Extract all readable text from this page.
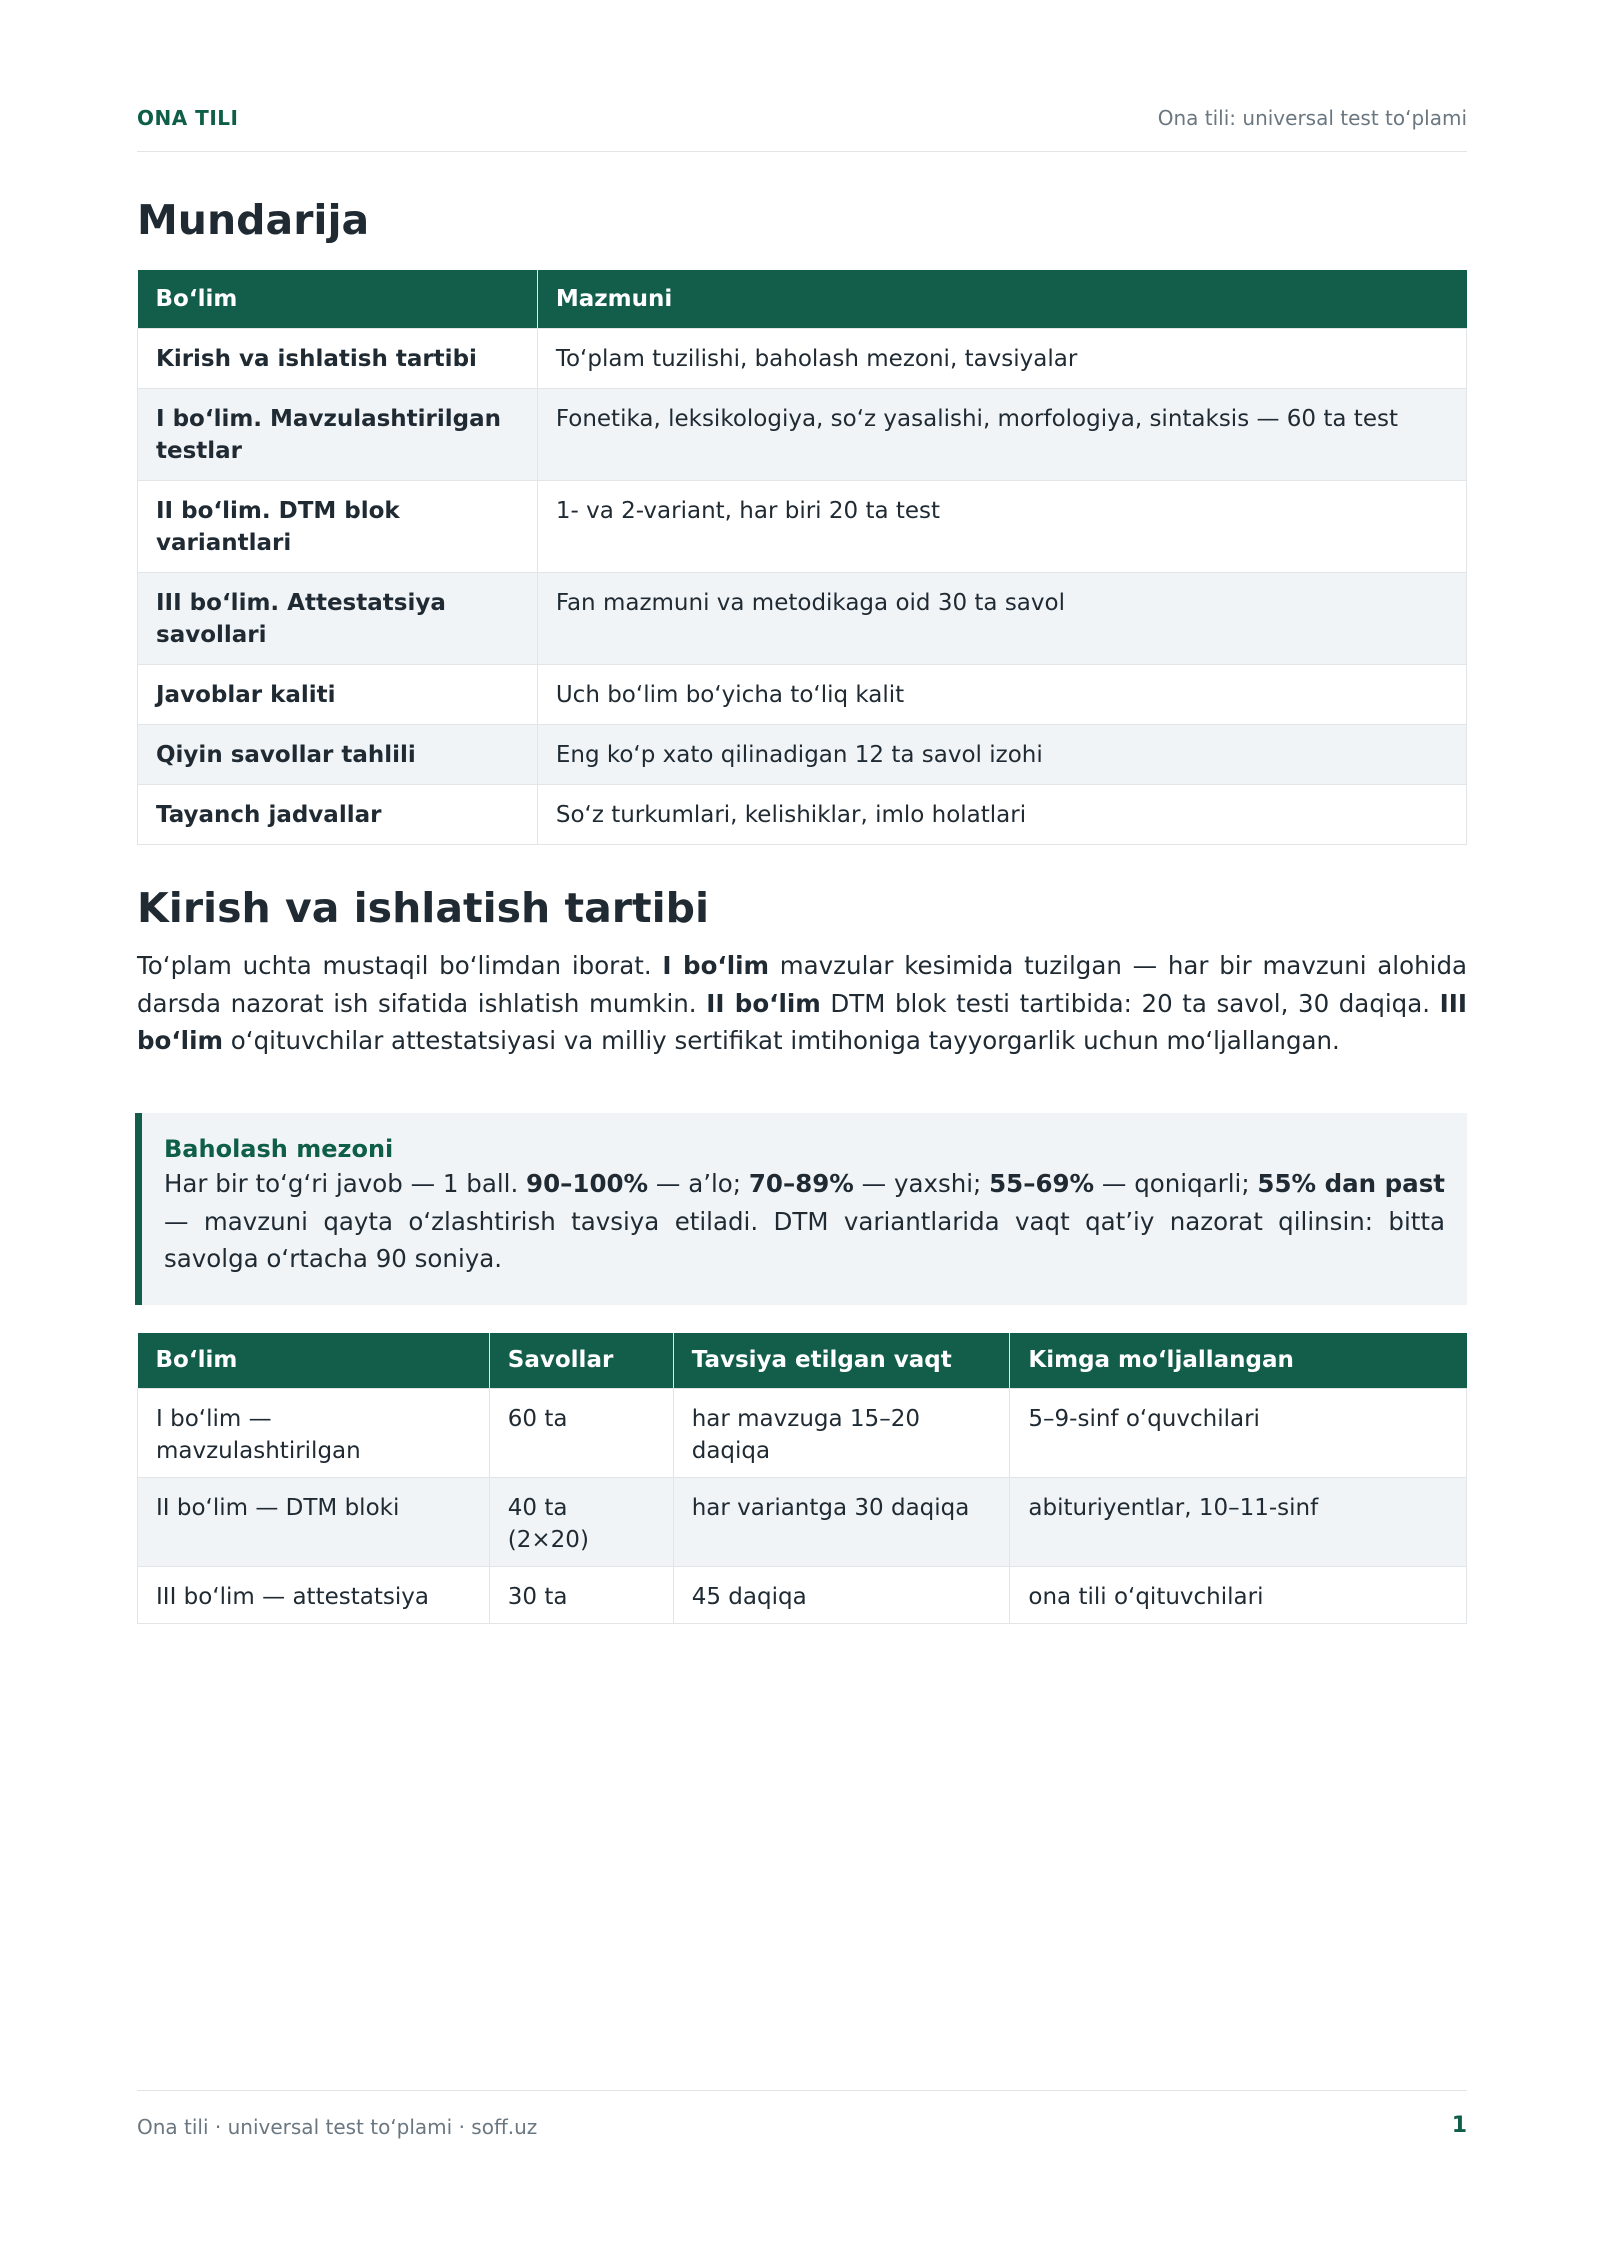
ONA TILI	Ona tili: universal test to‘plami
Mundarija
Bo‘lim	Mazmuni
Kirish va ishlatish tartibi	To‘plam tuzilishi, baholash mezoni, tavsiyalar
I bo‘lim. Mavzulashtirilgan testlar	Fonetika, leksikologiya, so‘z yasalishi, morfologiya, sintaksis — 60 ta test
II bo‘lim. DTM blok variantlari	1- va 2-variant, har biri 20 ta test
III bo‘lim. Attestatsiya savollari	Fan mazmuni va metodikaga oid 30 ta savol
Javoblar kaliti	Uch bo‘lim bo‘yicha to‘liq kalit
Qiyin savollar tahlili	Eng ko‘p xato qilinadigan 12 ta savol izohi
Tayanch jadvallar	So‘z turkumlari, kelishiklar, imlo holatlari
Kirish va ishlatish tartibi

To‘plam uchta mustaqil bo‘limdan iborat. I bo‘lim mavzular kesimida tuzilgan — har bir mavzuni alohida darsda nazorat ish sifatida ishlatish mumkin. II bo‘lim DTM blok testi tartibida: 20 ta savol, 30 daqiqa. III bo‘lim o‘qituvchilar attestatsiyasi va milliy sertifikat imtihoniga tayyorgarlik uchun mo‘ljallangan.

Baholash mezoni
Har bir to‘g‘ri javob — 1 ball. 90–100% — a’lo; 70–89% — yaxshi; 55–69% — qoniqarli; 55% dan past — mavzuni qayta o‘zlashtirish tavsiya etiladi. DTM variantlarida vaqt qat’iy nazorat qilinsin: bitta savolga o‘rtacha 90 soniya.
Bo‘lim	Savollar	Tavsiya etilgan vaqt	Kimga mo‘ljallangan
I bo‘lim — mavzulashtirilgan	60 ta	har mavzuga 15–20 daqiqa	5–9-sinf o‘quvchilari
II bo‘lim — DTM bloki	40 ta (2×20)	har variantga 30 daqiqa	abituriyentlar, 10–11-sinf
III bo‘lim — attestatsiya	30 ta	45 daqiqa	ona tili o‘qituvchilari
Ona tili · universal test to‘plami · soff.uz	1
